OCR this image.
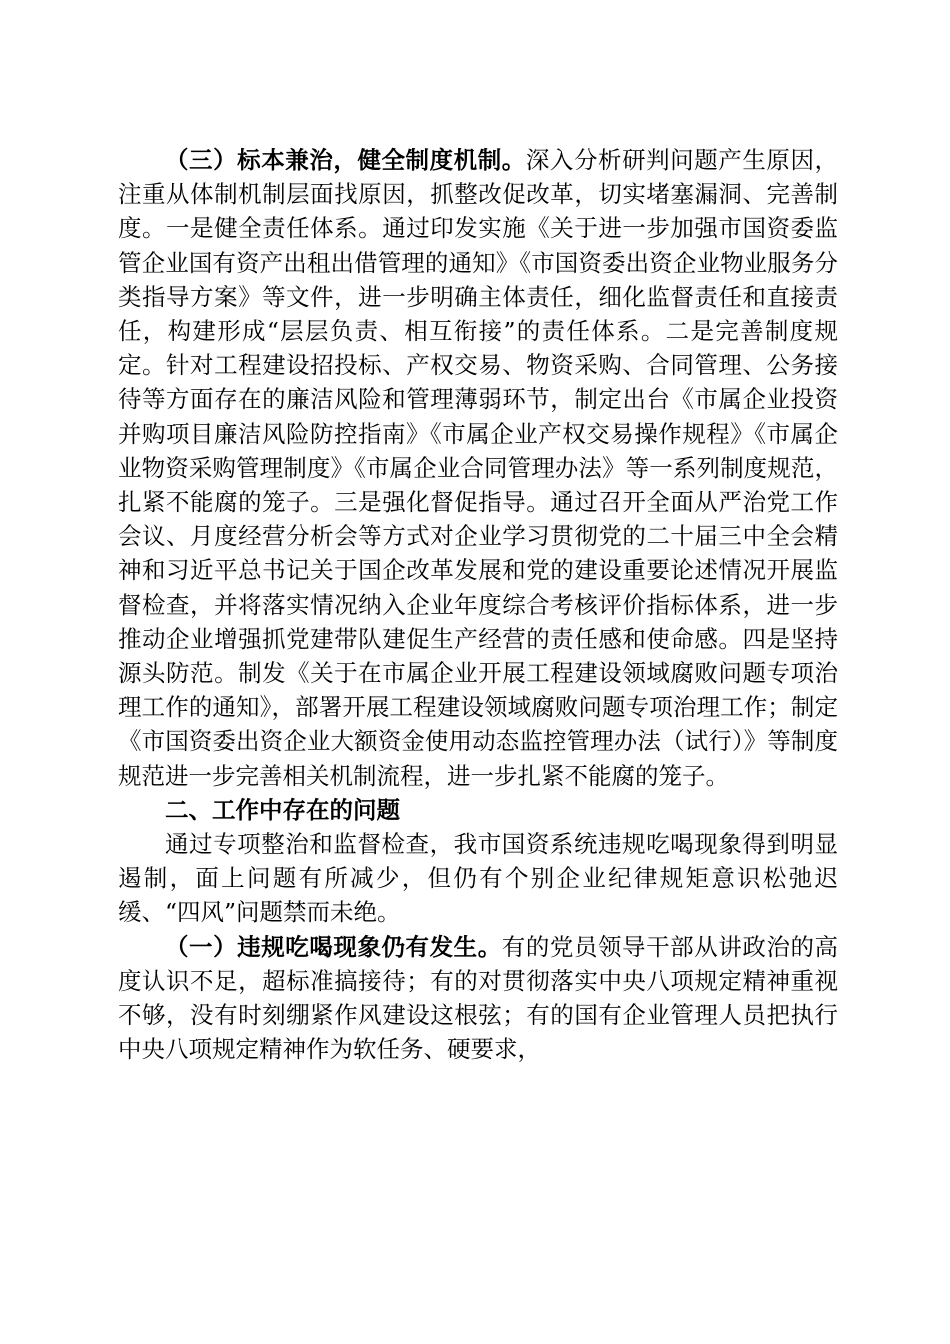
（三）标本兼治，健全制度机制。深入分析研判问题产生原因，注重从体制机制层面找原因，抓整改促改革，切实堵塞漏洞、完善制度。一是健全责任体系。通过印发实施《关于进一步加强市国资委监管企业国有资产出租出借管理的通知》《市国资委出资企业物业服务分类指导方案》等文件，进一步明确主体责任，细化监督责任和直接责任，构建形成“层层负责、相互衔接”的责任体系。二是完善制度规定。针对工程建设招投标、产权交易、物资采购、合同管理、公务接待等方面存在的廉洁风险和管理薄弱环节，制定出台《市属企业投资并购项目廉洁风险防控指南》《市属企业产权交易操作规程》《市属企业物资采购管理制度》《市属企业合同管理办法》等一系列制度规范，扎紧不能腐的笼子。三是强化督促指导。通过召开全面从严治党工作会议、月度经营分析会等方式对企业学习贯彻党的二十届三中全会精神和习近平总书记关于国企改革发展和党的建设重要论述情况开展监督检查，并将落实情况纳入企业年度综合考核评价指标体系，进一步推动企业增强抓党建带队建促生产经营的责任感和使命感。四是坚持源头防范。制发《关于在市属企业开展工程建设领域腐败问题专项治理工作的通知》，部署开展工程建设领域腐败问题专项治理工作；制定《市国资委出资企业大额资金使用动态监控管理办法（试行）》等制度规范进一步完善相关机制流程，进一步扎紧不能腐的笼子。

二、工作中存在的问题

通过专项整治和监督检查，我市国资系统违规吃喝现象得到明显遏制，面上问题有所减少，但仍有个别企业纪律规矩意识松弛迟缓、“四风”问题禁而未绝。

（一）违规吃喝现象仍有发生。有的党员领导干部从讲政治的高度认识不足，超标准搞接待；有的对贯彻落实中央八项规定精神重视不够，没有时刻绷紧作风建设这根弦；有的国有企业管理人员把执行中央八项规定精神作为软任务、硬要求，
